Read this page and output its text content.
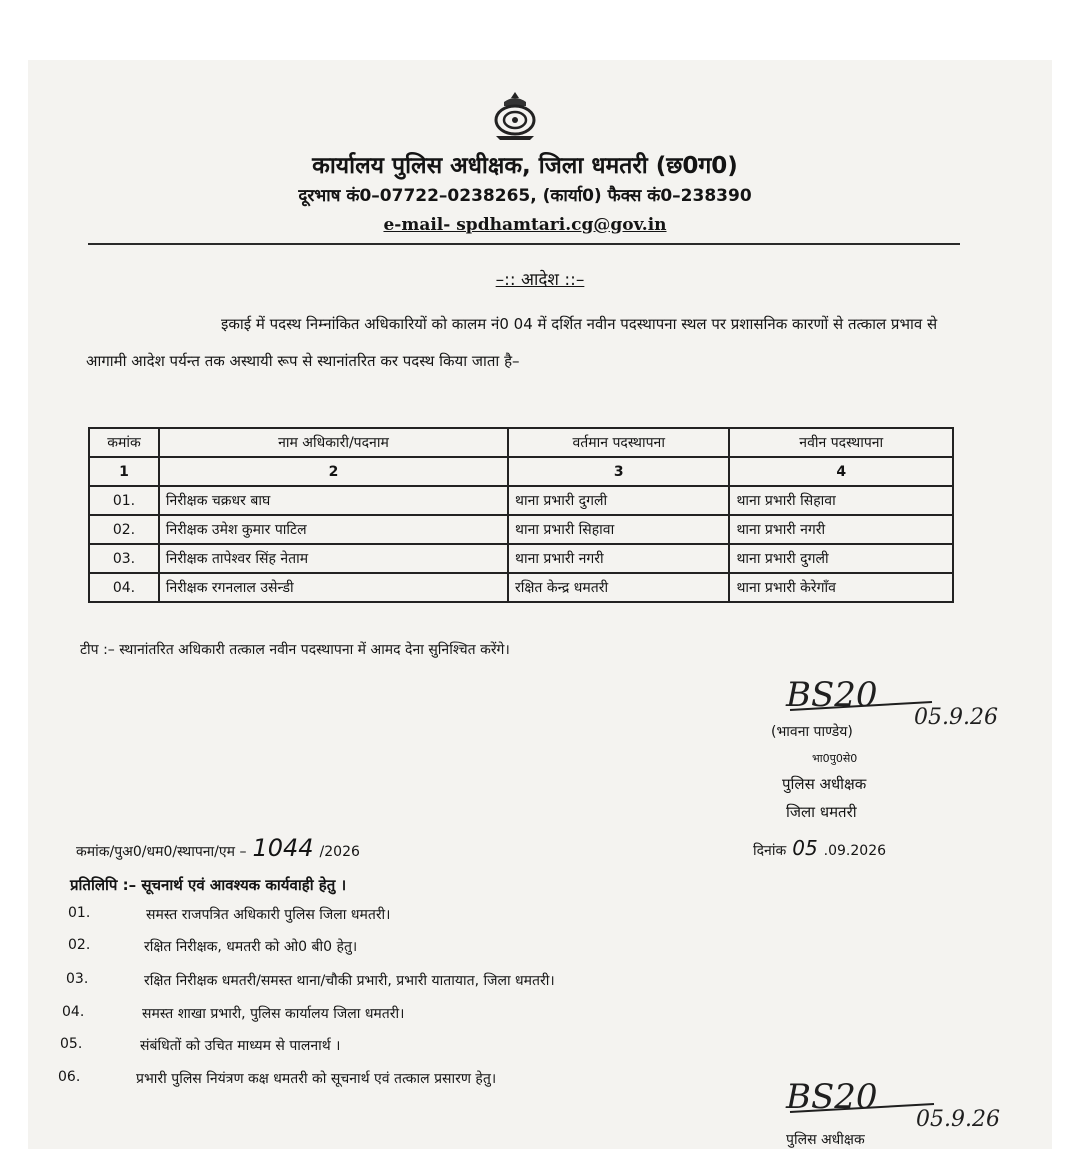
कार्यालय पुलिस अधीक्षक, जिला धमतरी (छ0ग0)
दूरभाष कं0–07722–0238265, (कार्या0) फैक्स कं0–238390
e-mail- spdhamtari.cg@gov.in
–:: आदेश ::–
इकाई में पदस्थ निम्नांकित अधिकारियों को कालम नं0 04 में दर्शित नवीन पदस्थापना स्थल पर प्रशासनिक कारणों से तत्काल प्रभाव से आगामी आदेश पर्यन्त तक अस्थायी रूप से स्थानांतरित कर पदस्थ किया जाता है–
कमांक	नाम अधिकारी/पदनाम	वर्तमान पदस्थापना	नवीन पदस्थापना
1	2	3	4
01.	निरीक्षक चक्रधर बाघ	थाना प्रभारी दुगली	थाना प्रभारी सिहावा
02.	निरीक्षक उमेश कुमार पाटिल	थाना प्रभारी सिहावा	थाना प्रभारी नगरी
03.	निरीक्षक तापेश्वर सिंह नेताम	थाना प्रभारी नगरी	थाना प्रभारी दुगली
04.	निरीक्षक रगनलाल उसेन्डी	रक्षित केन्द्र धमतरी	थाना प्रभारी केरेगाँव
टीप :– स्थानांतरित अधिकारी तत्काल नवीन पदस्थापना में आमद देना सुनिश्चित करेंगे।
BS20
05.9.26
(भावना पाण्डेय)
भा0पु0से0
पुलिस अधीक्षक
जिला धमतरी
कमांक/पुअ0/धम0/स्थापना/एम – 1044 /2026	दिनांक 05 .09.2026
प्रतिलिपि :– सूचनार्थ एवं आवश्यक कार्यवाही हेतु ।
01.	समस्त राजपत्रित अधिकारी पुलिस जिला धमतरी।
02.	रक्षित निरीक्षक, धमतरी को ओ0 बी0 हेतु।
03.	रक्षित निरीक्षक धमतरी/समस्त थाना/चौकी प्रभारी, प्रभारी यातायात, जिला धमतरी।
04.	समस्त शाखा प्रभारी, पुलिस कार्यालय जिला धमतरी।
05.	संबंधितों को उचित माध्यम से पालनार्थ ।
06.	प्रभारी पुलिस नियंत्रण कक्ष धमतरी को सूचनार्थ एवं तत्काल प्रसारण हेतु।	BS20
05.9.26
पुलिस अधीक्षक
